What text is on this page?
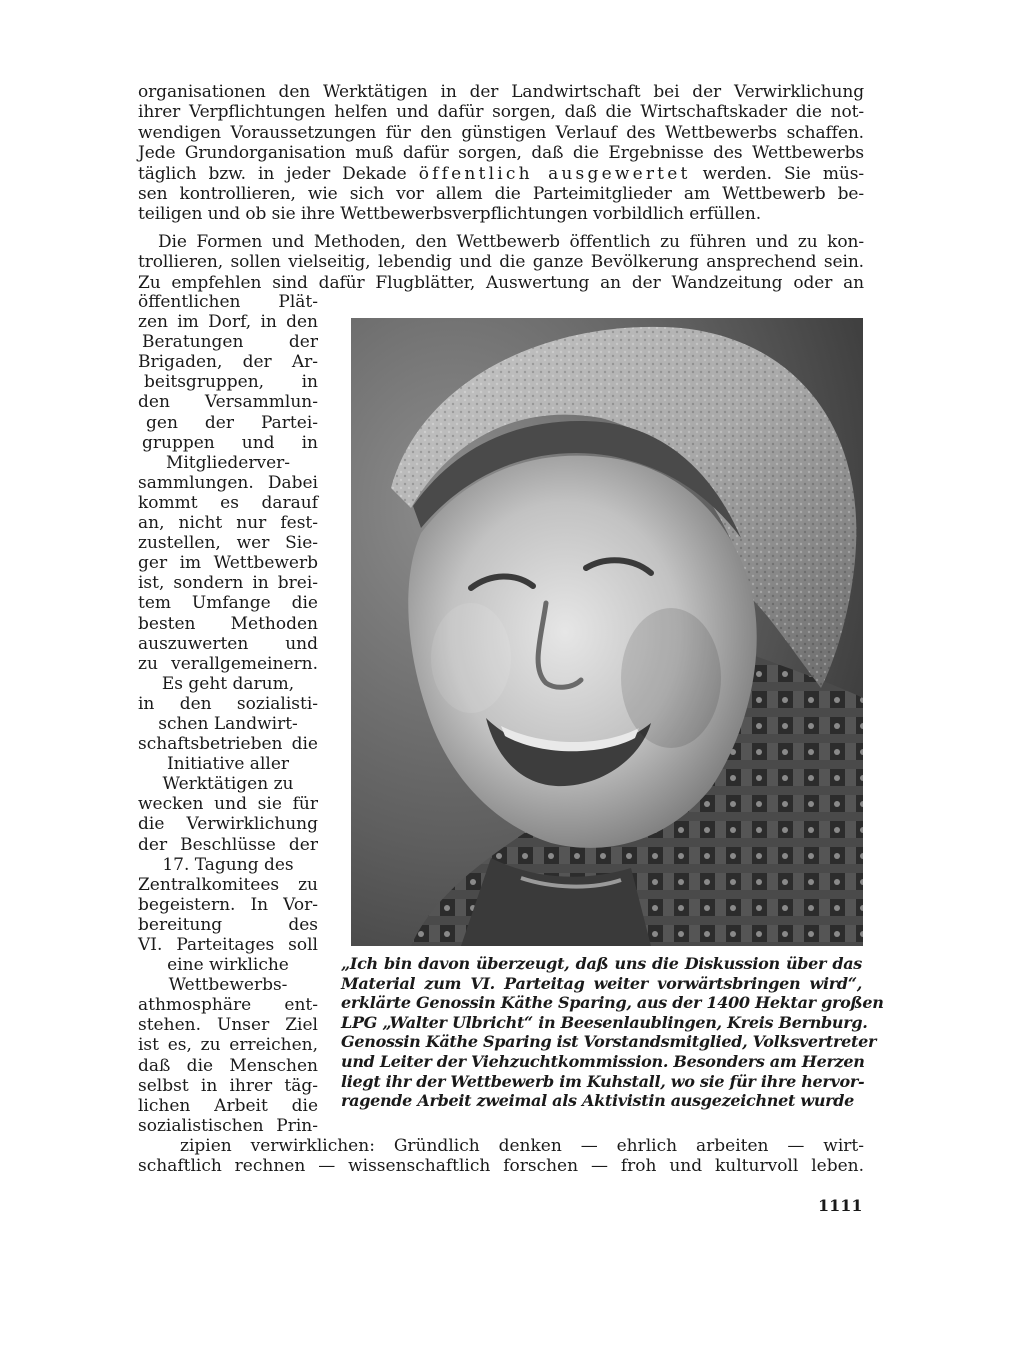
organisationen den Werktätigen in der Landwirtschaft bei der Verwirklichung
ihrer Verpflichtungen helfen und dafür sorgen, daß die Wirtschaftskader die not-
wendigen Voraussetzungen für den günstigen Verlauf des Wettbewerbs schaffen.
Jede Grundorganisation muß dafür sorgen, daß die Ergebnisse des Wettbewerbs
täglich bzw. in jeder Dekade öffentlich ausgewertet werden. Sie müs-
sen kontrollieren, wie sich vor allem die Parteimitglieder am Wettbewerb be-
teiligen und ob sie ihre Wettbewerbsverpflichtungen vorbildlich erfüllen.
Die Formen und Methoden, den Wettbewerb öffentlich zu führen und zu kon-
trollieren, sollen vielseitig, lebendig und die ganze Bevölkerung ansprechend sein.
Zu empfehlen sind dafür Flugblätter, Auswertung an der Wandzeitung oder an
öffentlichen Plät-
zen im Dorf, in den
Beratungen der
Brigaden, der Ar-
beitsgruppen, in
den Versammlun-
gen der Partei-
gruppen und in
Mitgliederver-
sammlungen. Dabei
kommt es darauf
an, nicht nur fest-
zustellen, wer Sie-
ger im Wettbewerb
ist, sondern in brei-
tem Umfange die
besten Methoden
auszuwerten und
zu verallgemeinern.
Es geht darum,
in den sozialisti-
schen Landwirt-
schaftsbetrieben die
Initiative aller
Werktätigen zu
wecken und sie für
die Verwirklichung
der Beschlüsse der
17. Tagung des
Zentralkomitees zu
begeistern. In Vor-
bereitung des
VI. Parteitages soll
eine wirkliche
Wettbewerbs-
athmosphäre ent-
stehen. Unser Ziel
ist es, zu erreichen,
daß die Menschen
selbst in ihrer täg-
lichen Arbeit die
sozialistischen Prin-
„Ich bin davon überzeugt, daß uns die Diskussion über das
Material zum VI. Parteitag weiter vorwärtsbringen wird“,
erklärte Genossin Käthe Sparing, aus der 1400 Hektar großen
LPG „Walter Ulbricht“ in Beesenlaublingen, Kreis Bernburg.
Genossin Käthe Sparing ist Vorstandsmitglied, Volksvertreter
und Leiter der Viehzuchtkommission. Besonders am Herzen
liegt ihr der Wettbewerb im Kuhstall, wo sie für ihre hervor-
ragende Arbeit zweimal als Aktivistin ausgezeichnet wurde
zipien verwirklichen: Gründlich denken — ehrlich arbeiten — wirt-
schaftlich rechnen — wissenschaftlich forschen — froh und kulturvoll leben.
1111
